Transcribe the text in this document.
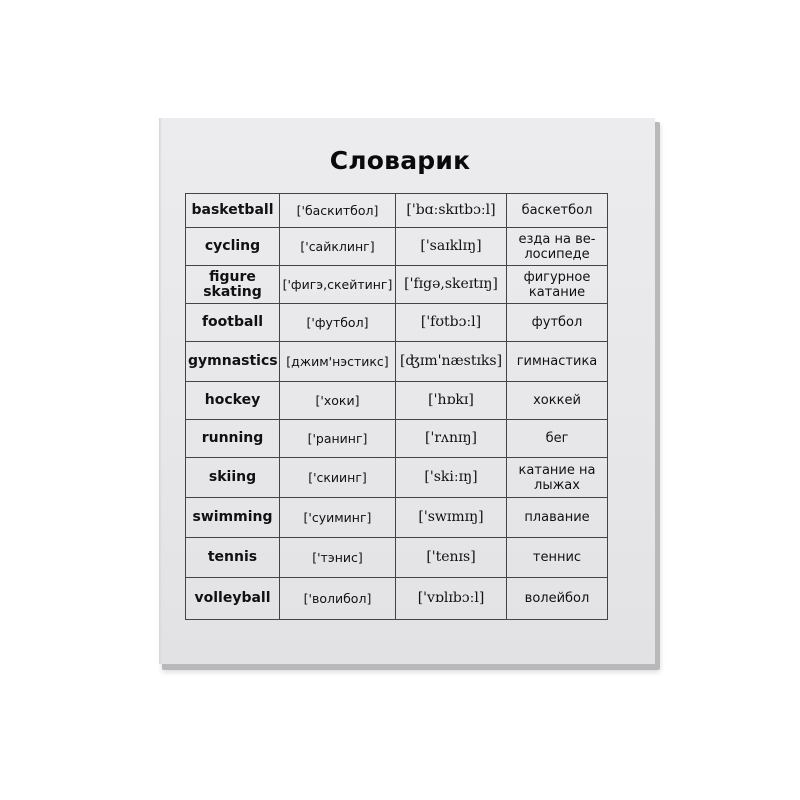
Словарик
basketball	['баскитбол]	['bɑːskɪtbɔːl]	баскетбол
cycling	['сайклинг]	['saɪklɪŋ]	езда на ве-лосипеде
figure skating	['фигэ,скейтинг]	['fɪgə,skeɪtɪŋ]	фигурное катание
football	['футбол]	['fʊtbɔːl]	футбол
gymnastics	[джим'нэстикс]	[ʤɪm'næstɪks]	гимнастика
hockey	['хоки]	['hɒkɪ]	хоккей
running	['ранинг]	['rʌnɪŋ]	бег
skiing	['скиинг]	['skiːɪŋ]	катание на лыжах
swimming	['суиминг]	['swɪmɪŋ]	плавание
tennis	['тэнис]	['tenɪs]	теннис
volleyball	['волибол]	['vɒlɪbɔːl]	волейбол
